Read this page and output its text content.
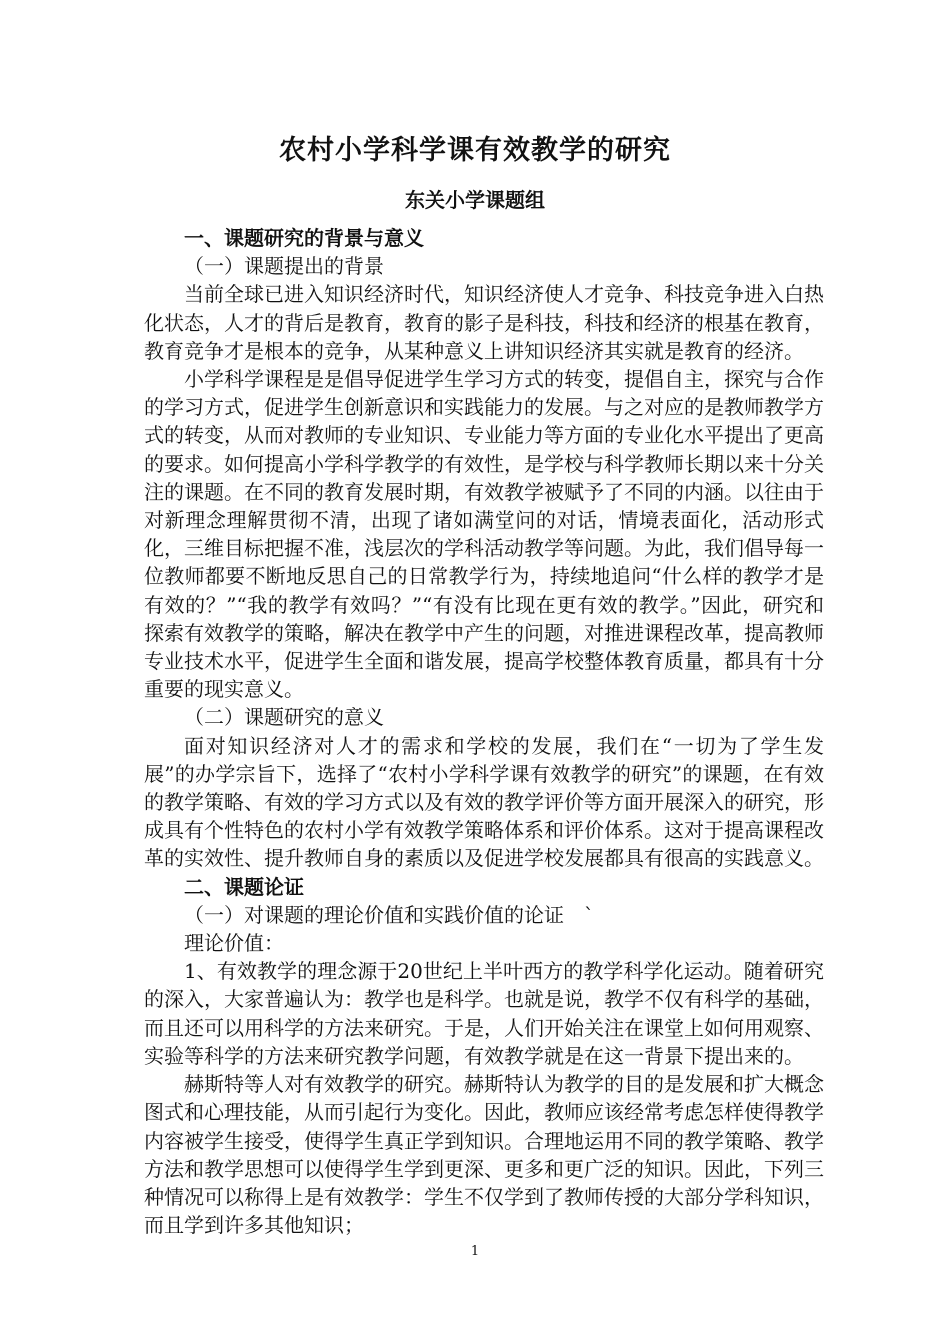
农村小学科学课有效教学的研究
东关小学课题组

一、课题研究的背景与意义

（一）课题提出的背景

当前全球已进入知识经济时代，知识经济使人才竞争、科技竞争进入白热化状态，人才的背后是教育，教育的影子是科技，科技和经济的根基在教育，教育竞争才是根本的竞争，从某种意义上讲知识经济其实就是教育的经济。

小学科学课程是是倡导促进学生学习方式的转变，提倡自主，探究与合作的学习方式，促进学生创新意识和实践能力的发展。与之对应的是教师教学方式的转变，从而对教师的专业知识、专业能力等方面的专业化水平提出了更高的要求。如何提高小学科学教学的有效性，是学校与科学教师长期以来十分关注的课题。在不同的教育发展时期，有效教学被赋予了不同的内涵。以往由于对新理念理解贯彻不清，出现了诸如满堂问的对话，情境表面化，活动形式化，三维目标把握不准，浅层次的学科活动教学等问题。为此，我们倡导每一位教师都要不断地反思自己的日常教学行为，持续地追问“什么样的教学才是有效的？”“我的教学有效吗？”“有没有比现在更有效的教学。”因此，研究和探索有效教学的策略，解决在教学中产生的问题，对推进课程改革，提高教师专业技术水平，促进学生全面和谐发展，提高学校整体教育质量，都具有十分重要的现实意义。

（二）课题研究的意义

面对知识经济对人才的需求和学校的发展，我们在“一切为了学生发展”的办学宗旨下，选择了“农村小学科学课有效教学的研究”的课题，在有效的教学策略、有效的学习方式以及有效的教学评价等方面开展深入的研究，形成具有个性特色的农村小学有效教学策略体系和评价体系。这对于提高课程改革的实效性、提升教师自身的素质以及促进学校发展都具有很高的实践意义。

二、课题论证

（一）对课题的理论价值和实践价值的论证　`

理论价值：

1、有效教学的理念源于20世纪上半叶西方的教学科学化运动。随着研究的深入，大家普遍认为：教学也是科学。也就是说，教学不仅有科学的基础，而且还可以用科学的方法来研究。于是，人们开始关注在课堂上如何用观察、实验等科学的方法来研究教学问题，有效教学就是在这一背景下提出来的。

赫斯特等人对有效教学的研究。赫斯特认为教学的目的是发展和扩大概念图式和心理技能，从而引起行为变化。因此，教师应该经常考虑怎样使得教学内容被学生接受，使得学生真正学到知识。合理地运用不同的教学策略、教学方法和教学思想可以使得学生学到更深、更多和更广泛的知识。因此，下列三种情况可以称得上是有效教学：学生不仅学到了教师传授的大部分学科知识，而且学到许多其他知识；

1
